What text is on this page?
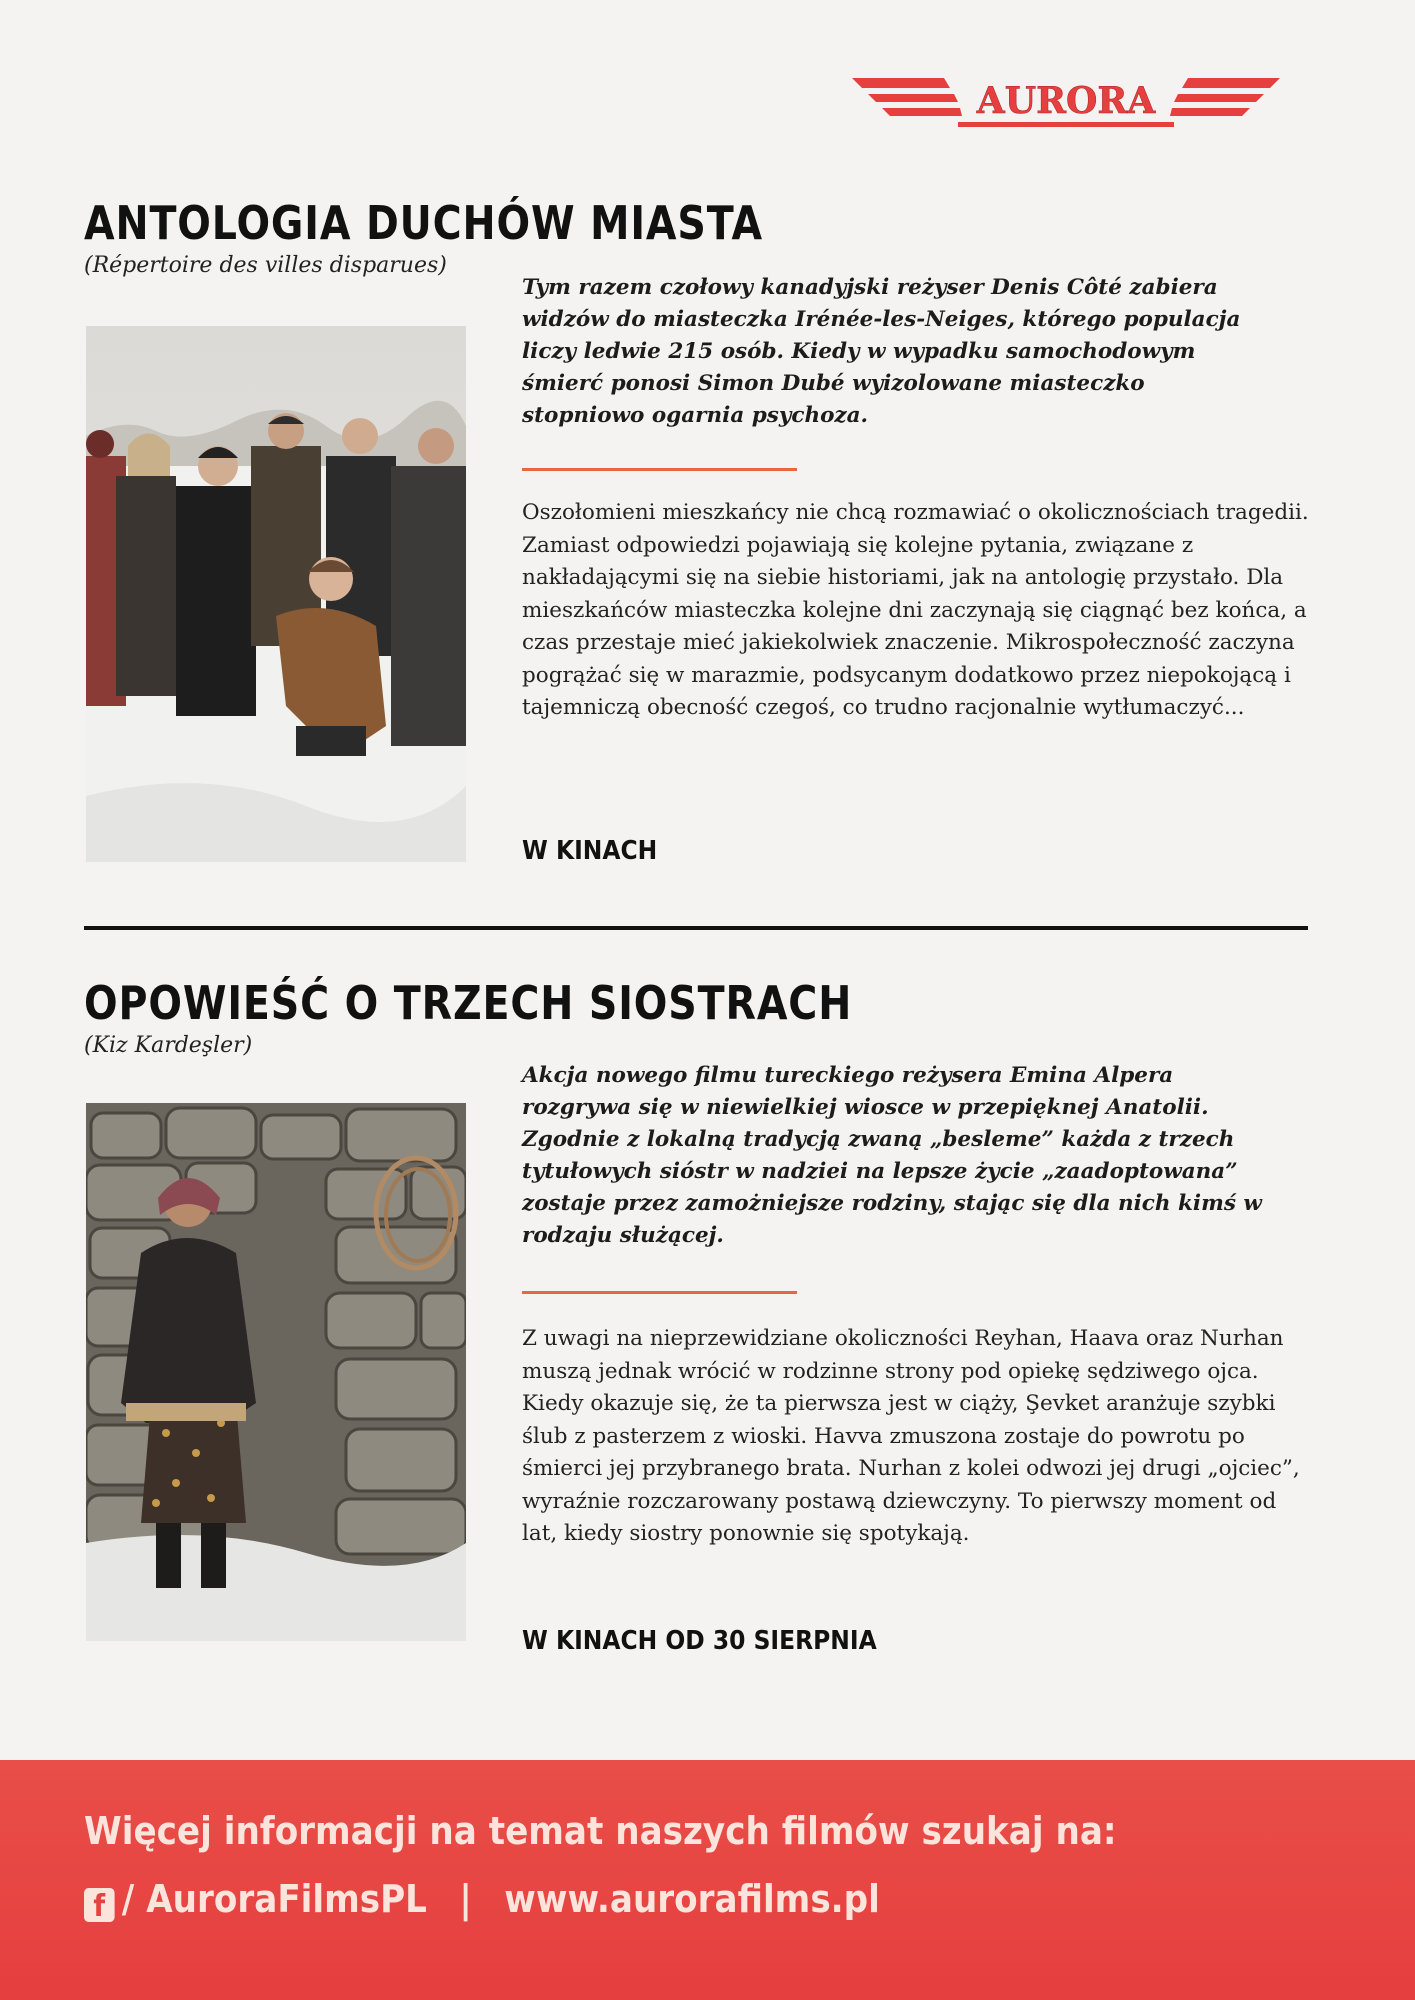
AURORA
ANTOLOGIA DUCHÓW MIASTA
(Répertoire des villes disparues)

Tym razem czołowy kanadyjski reżyser Denis Côté zabiera widzów do miasteczka Irénée-les-Neiges, którego populacja liczy ledwie 215 osób. Kiedy w wypadku samochodowym śmierć ponosi Simon Dubé wyizolowane miasteczko stopniowo ogarnia psychoza.

Oszołomieni mieszkańcy nie chcą rozmawiać o okolicznościach tragedii. Zamiast odpowiedzi pojawiają się kolejne pytania, związane z nakładającymi się na siebie historiami, jak na antologię przystało. Dla mieszkańców miasteczka kolejne dni zaczynają się ciągnąć bez końca, a czas przestaje mieć jakiekolwiek znaczenie. Mikrospołeczność zaczyna pogrążać się w marazmie, podsycanym dodatkowo przez niepokojącą i tajemniczą obecność czegoś, co trudno racjonalnie wytłumaczyć...

W KINACH

OPOWIEŚĆ O TRZECH SIOSTRACH
(Kiz Kardeşler)

Akcja nowego filmu tureckiego reżysera Emina Alpera rozgrywa się w niewielkiej wiosce w przepięknej Anatolii. Zgodnie z lokalną tradycją zwaną „besleme” każda z trzech tytułowych sióstr w nadziei na lepsze życie „zaadoptowana” zostaje przez zamożniejsze rodziny, stając się dla nich kimś w rodzaju służącej.

Z uwagi na nieprzewidziane okoliczności Reyhan, Haava oraz Nurhan muszą jednak wrócić w rodzinne strony pod opiekę sędziwego ojca. Kiedy okazuje się, że ta pierwsza jest w ciąży, Şevket aranżuje szybki ślub z pasterzem z wioski. Havva zmuszona zostaje do powrotu po śmierci jej przybranego brata. Nurhan z kolei odwozi jej drugi „ojciec”, wyraźnie rozczarowany postawą dziewczyny. To pierwszy moment od lat, kiedy siostry ponownie się spotykają.

W KINACH OD 30 SIERPNIA

Więcej informacji na temat naszych filmów szukaj na:

f / AuroraFilmsPL | www.aurorafilms.pl
